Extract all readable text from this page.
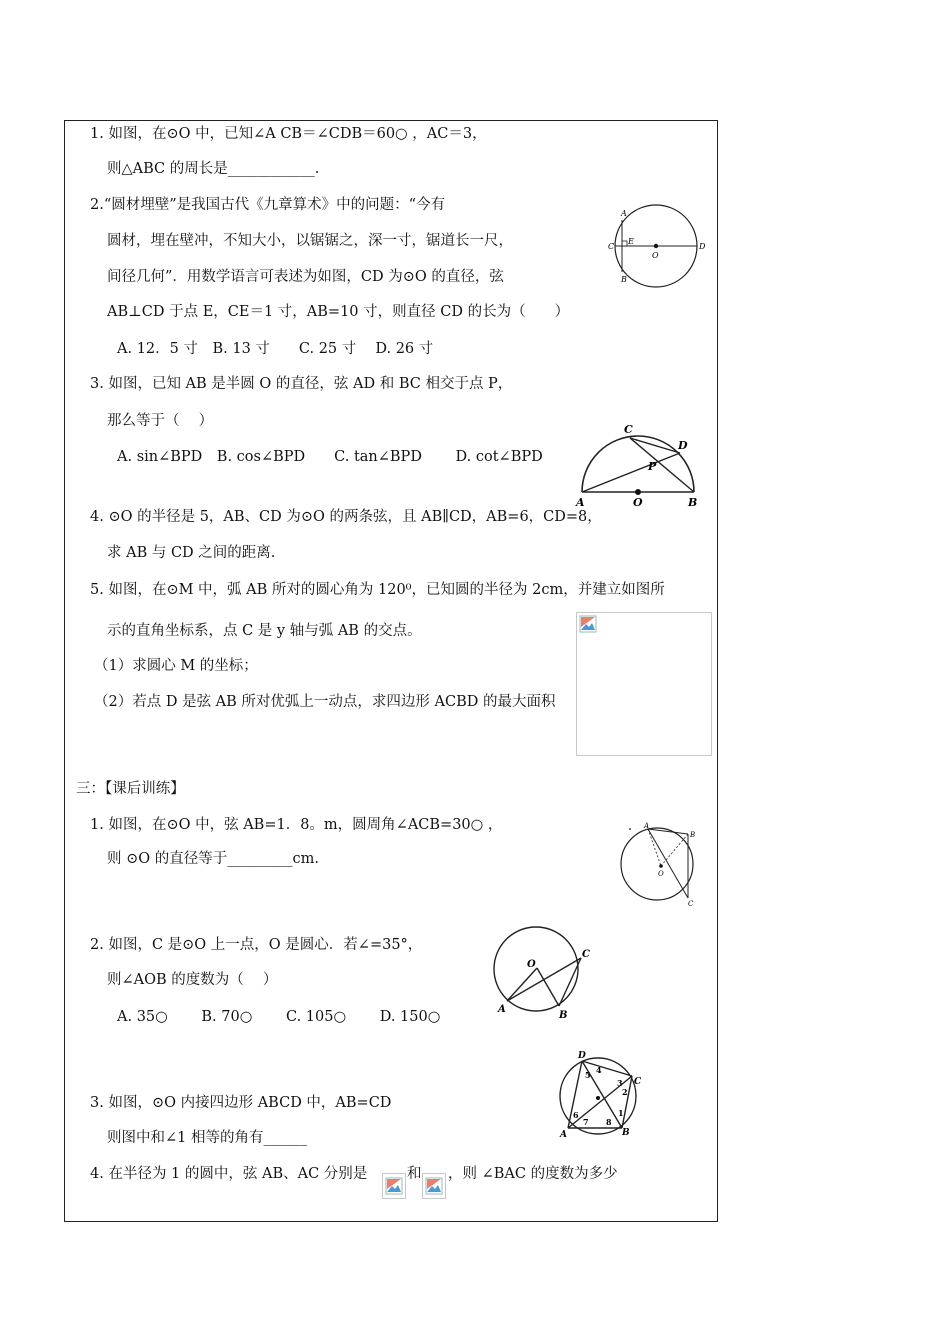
1. 如图，在⊙O 中，已知∠A CB＝∠CDB＝60○ ，AC＝3，
则△ABC 的周长是____________.
2.“圆材埋壁”是我国古代《九章算术》中的问题：“今有
圆材，埋在壁冲，不知大小，以锯锯之，深一寸，锯道长一尺，
间径几何”．用数学语言可表述为如图，CD 为⊙O 的直径，弦
AB⊥CD 于点 E，CE＝1 寸，AB=10 寸，则直径 CD 的长为（　　）
A. 12．5 寸　B. 13 寸　　C. 25 寸　 D. 26 寸
A
B
C	D
E
O
3. 如图，已知 AB 是半圆 O 的直径，弦 AD 和 BC 相交于点 P，
那么等于（　 ）
A. sin∠BPD　B. cos∠BPD　　C. tan∠BPD　　 D. cot∠BPD
A	B
C
D
P
O
4. ⊙O 的半径是 5，AB、CD 为⊙O 的两条弦，且 AB∥CD，AB=6，CD=8，
求 AB 与 CD 之间的距离.
5. 如图，在⊙M 中，弧 AB 所对的圆心角为 120⁰，已知圆的半径为 2cm，并建立如图所
示的直角坐标系，点 C 是 y 轴与弧 AB 的交点。
（1）求圆心 M 的坐标；
（2）若点 D 是弦 AB 所对优弧上一动点，求四边形 ACBD 的最大面积
三：【课后训练】
1. 如图，在⊙O 中，弦 AB=1．8。m，圆周角∠ACB=30○ ，
则 ⊙O 的直径等于_________cm.
A
B
C
O
2. 如图，C 是⊙O 上一点，O 是圆心．若∠=35°，
则∠AOB 的度数为（　 ）
A. 35○　　 B. 70○　　 C. 105○　　 D. 150○	A
B
C
O
D
C
A	B
5 4
3
2
1
6
7 8
3. 如图，⊙O 内接四边形 ABCD 中，AB=CD
则图中和∠1 相等的角有______
4. 在半径为 1 的圆中，弦 AB、AC 分别是	和 ，则 ∠BAC 的度数为多少
